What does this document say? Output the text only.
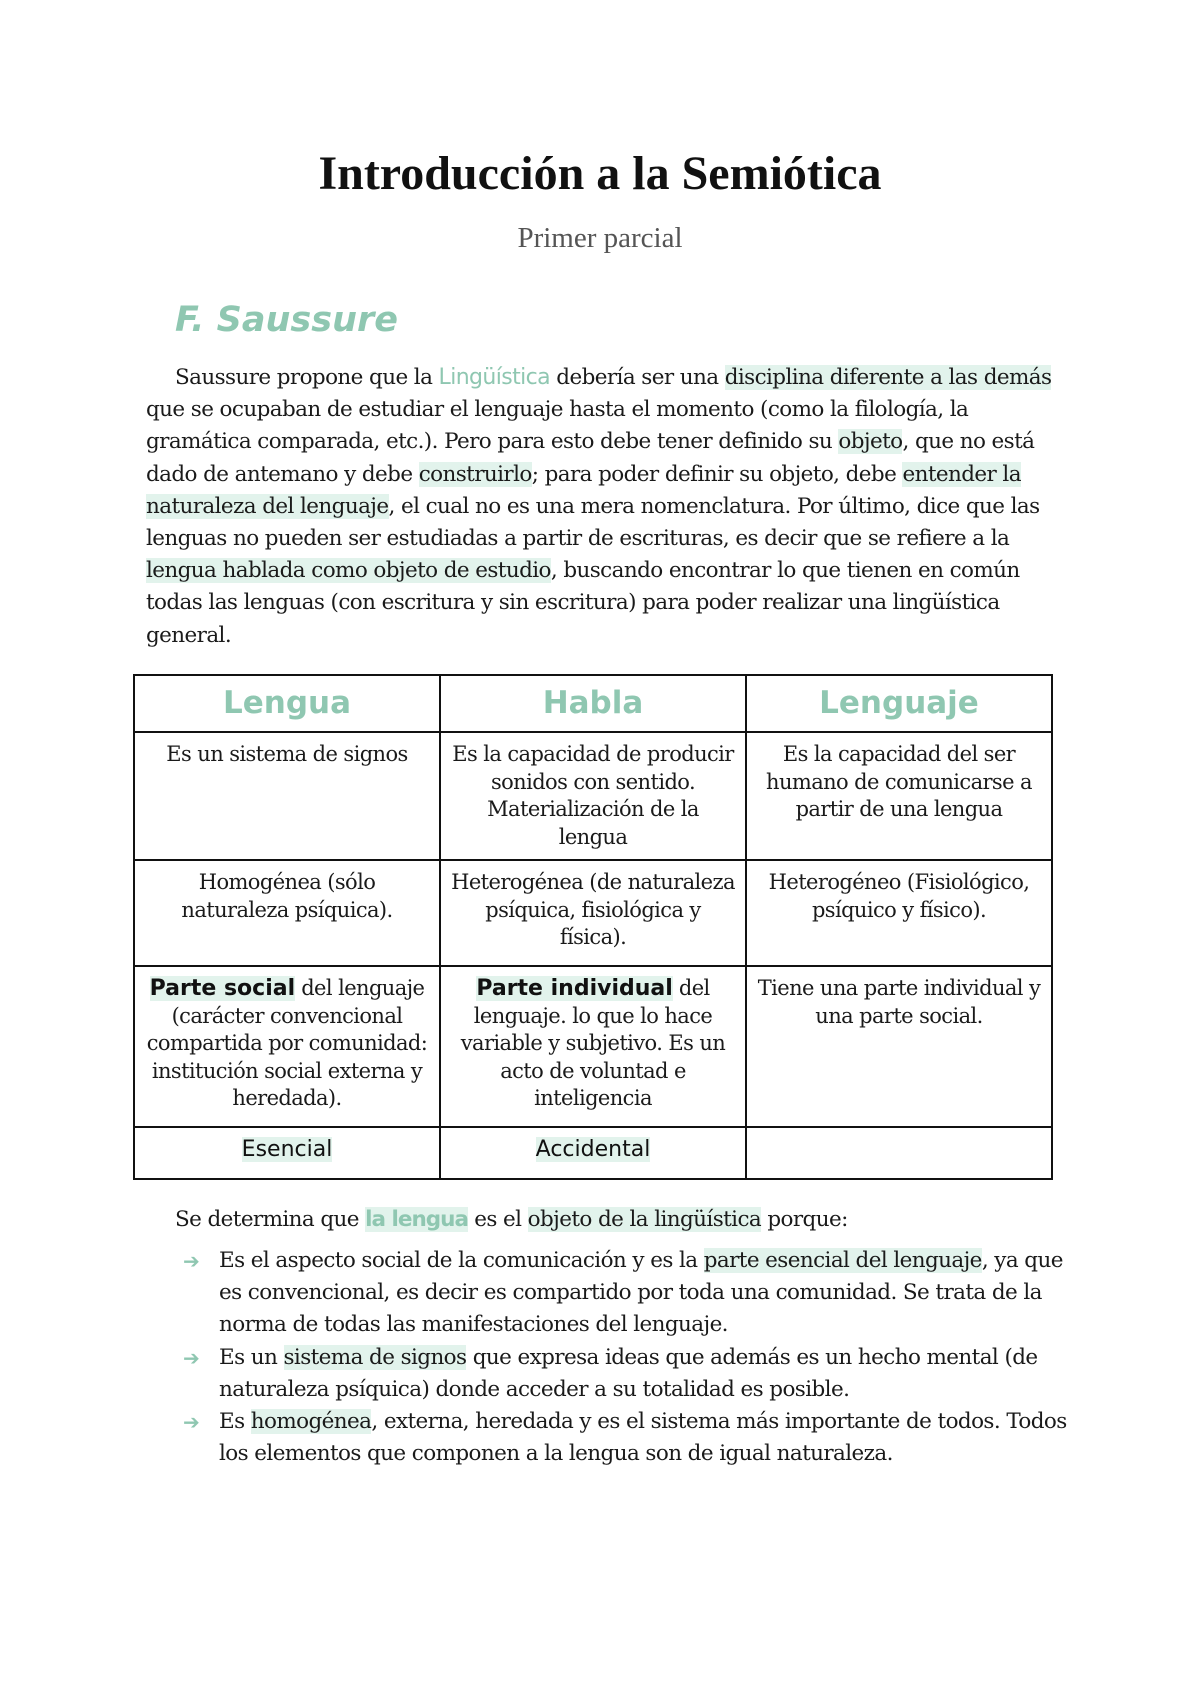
Introducción a la Semiótica

Primer parcial

F. Saussure

Saussure propone que la Lingüística debería ser una disciplina diferente a las demás que se ocupaban de estudiar el lenguaje hasta el momento (como la filología, la gramática comparada, etc.). Pero para esto debe tener definido su objeto, que no está dado de antemano y debe construirlo; para poder definir su objeto, debe entender la naturaleza del lenguaje, el cual no es una mera nomenclatura. Por último, dice que las lenguas no pueden ser estudiadas a partir de escrituras, es decir que se refiere a la lengua hablada como objeto de estudio, buscando encontrar lo que tienen en común todas las lenguas (con escritura y sin escritura) para poder realizar una lingüística general.

Lengua	Habla	Lenguaje
Es un sistema de signos	Es la capacidad de producir sonidos con sentido. Materialización de la lengua	Es la capacidad del ser humano de comunicarse a partir de una lengua
Homogénea (sólo naturaleza psíquica).	Heterogénea (de naturaleza psíquica, fisiológica y física).	Heterogéneo (Fisiológico, psíquico y físico).
Parte social del lenguaje (carácter convencional compartida por comunidad: institución social externa y heredada).	Parte individual del lenguaje. lo que lo hace variable y subjetivo. Es un acto de voluntad e inteligencia	Tiene una parte individual y una parte social.
Esencial	Accidental	

Se determina que la lengua es el objeto de la lingüística porque:

➔ Es el aspecto social de la comunicación y es la parte esencial del lenguaje, ya que es convencional, es decir es compartido por toda una comunidad. Se trata de la norma de todas las manifestaciones del lenguaje.
➔ Es un sistema de signos que expresa ideas que además es un hecho mental (de naturaleza psíquica) donde acceder a su totalidad es posible.
➔ Es homogénea, externa, heredada y es el sistema más importante de todos. Todos los elementos que componen a la lengua son de igual naturaleza.
